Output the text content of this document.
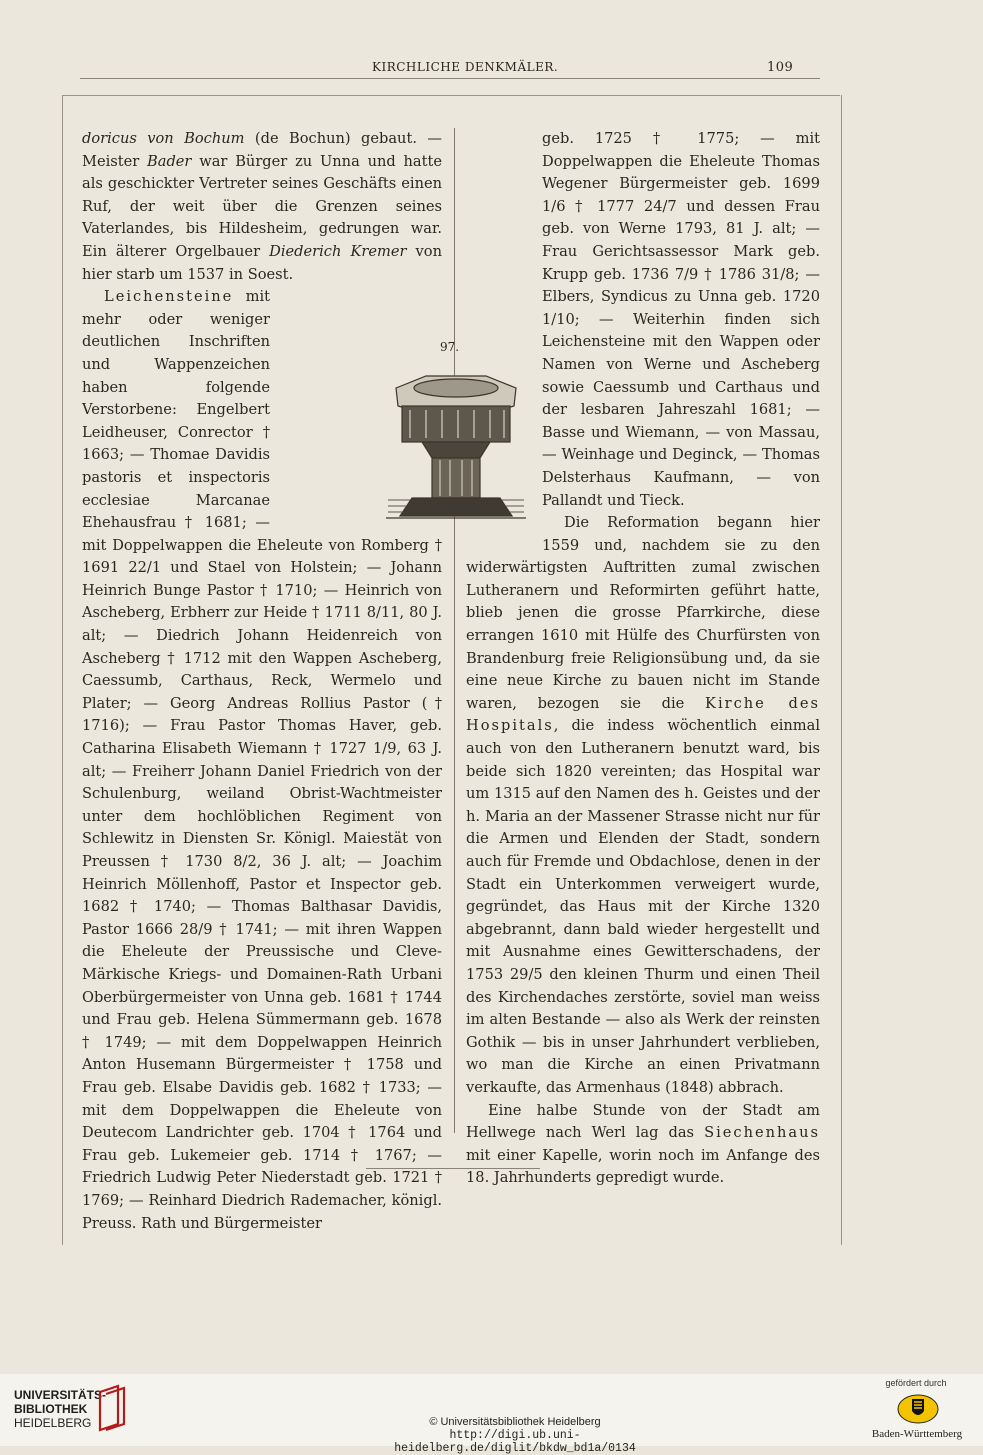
KIRCHLICHE DENKMÄLER.	109
97.

doricus von Bochum (de Bochun) gebaut. — Meister Bader war Bürger zu Unna und hatte als geschickter Vertreter seines Geschäfts einen Ruf, der weit über die Grenzen seines Vaterlandes, bis Hildesheim, gedrungen war. Ein älterer Orgelbauer Diederich Kremer von hier starb um 1537 in Soest.

Leichensteine mit mehr oder weniger deutlichen Inschriften und Wappenzeichen haben folgende Verstorbene: Engelbert Leidheuser, Conrector † 1663; — Thomae Davidis pastoris et inspectoris ecclesiae Marcanae Ehehausfrau † 1681; — mit Doppelwappen die Eheleute von Romberg † 1691 22/1 und Stael von Holstein; — Johann Heinrich Bunge Pastor † 1710; — Heinrich von Ascheberg, Erbherr zur Heide † 1711 8/11, 80 J. alt; — Diedrich Johann Heidenreich von Ascheberg † 1712 mit den Wappen Ascheberg, Caessumb, Carthaus, Reck, Wermelo und Plater; — Georg Andreas Rollius Pastor († 1716); — Frau Pastor Thomas Haver, geb. Catharina Elisabeth Wiemann † 1727 1/9, 63 J. alt; — Freiherr Johann Daniel Friedrich von der Schulenburg, weiland Obrist-Wachtmeister unter dem hochlöblichen Regiment von Schlewitz in Diensten Sr. Königl. Maiestät von Preussen † 1730 8/2, 36 J. alt; — Joachim Heinrich Möllenhoff, Pastor et Inspector geb. 1682 † 1740; — Thomas Balthasar Davidis, Pastor 1666 28/9 † 1741; — mit ihren Wappen die Eheleute der Preussische und Cleve-Märkische Kriegs- und Domainen-Rath Urbani Oberbürgermeister von Unna geb. 1681 † 1744 und Frau geb. Helena Sümmermann geb. 1678 † 1749; — mit dem Doppelwappen Heinrich Anton Husemann Bürgermeister † 1758 und Frau geb. Elsabe Davidis geb. 1682 † 1733; — mit dem Doppelwappen die Eheleute von Deutecom Landrichter geb. 1704 † 1764 und Frau geb. Lukemeier geb. 1714 † 1767; — Friedrich Ludwig Peter Niederstadt geb. 1721 † 1769; — Reinhard Diedrich Rademacher, königl. Preuss. Rath und Bürgermeister

geb. 1725 † 1775; — mit Doppelwappen die Eheleute Thomas Wegener Bürgermeister geb. 1699 1/6 † 1777 24/7 und dessen Frau geb. von Werne 1793, 81 J. alt; — Frau Gerichtsassessor Mark geb. Krupp geb. 1736 7/9 † 1786 31/8; — Elbers, Syndicus zu Unna geb. 1720 1/10; — Weiterhin finden sich Leichensteine mit den Wappen oder Namen von Werne und Ascheberg sowie Caessumb und Carthaus und der lesbaren Jahreszahl 1681; — Basse und Wiemann, — von Massau, — Weinhage und Deginck, — Thomas Delsterhaus Kaufmann, — von Pallandt und Tieck.

Die Reformation begann hier 1559 und, nachdem sie zu den widerwärtigsten Auftritten zumal zwischen Lutheranern und Reformirten geführt hatte, blieb jenen die grosse Pfarrkirche, diese errangen 1610 mit Hülfe des Churfürsten von Brandenburg freie Religionsübung und, da sie eine neue Kirche zu bauen nicht im Stande waren, bezogen sie die Kirche des Hospitals, die indess wöchentlich einmal auch von den Lutheranern benutzt ward, bis beide sich 1820 vereinten; das Hospital war um 1315 auf den Namen des h. Geistes und der h. Maria an der Massener Strasse nicht nur für die Armen und Elenden der Stadt, sondern auch für Fremde und Obdachlose, denen in der Stadt ein Unterkommen verweigert wurde, gegründet, das Haus mit der Kirche 1320 abgebrannt, dann bald wieder hergestellt und mit Ausnahme eines Gewitterschadens, der 1753 29/5 den kleinen Thurm und einen Theil des Kirchendaches zerstörte, soviel man weiss im alten Bestande — also als Werk der reinsten Gothik — bis in unser Jahrhundert verblieben, wo man die Kirche an einen Privatmann verkaufte, das Armenhaus (1848) abbrach.

Eine halbe Stunde von der Stadt am Hellwege nach Werl lag das Siechenhaus mit einer Kapelle, worin noch im Anfange des 18. Jahrhunderts gepredigt wurde.

UNIVERSITÄTS-
BIBLIOTHEK
HEIDELBERG	© Universitätsbibliothek Heidelberg
http://digi.ub.uni-heidelberg.de/diglit/bkdw_bd1a/0134
gefördert durch
Baden-Württemberg
